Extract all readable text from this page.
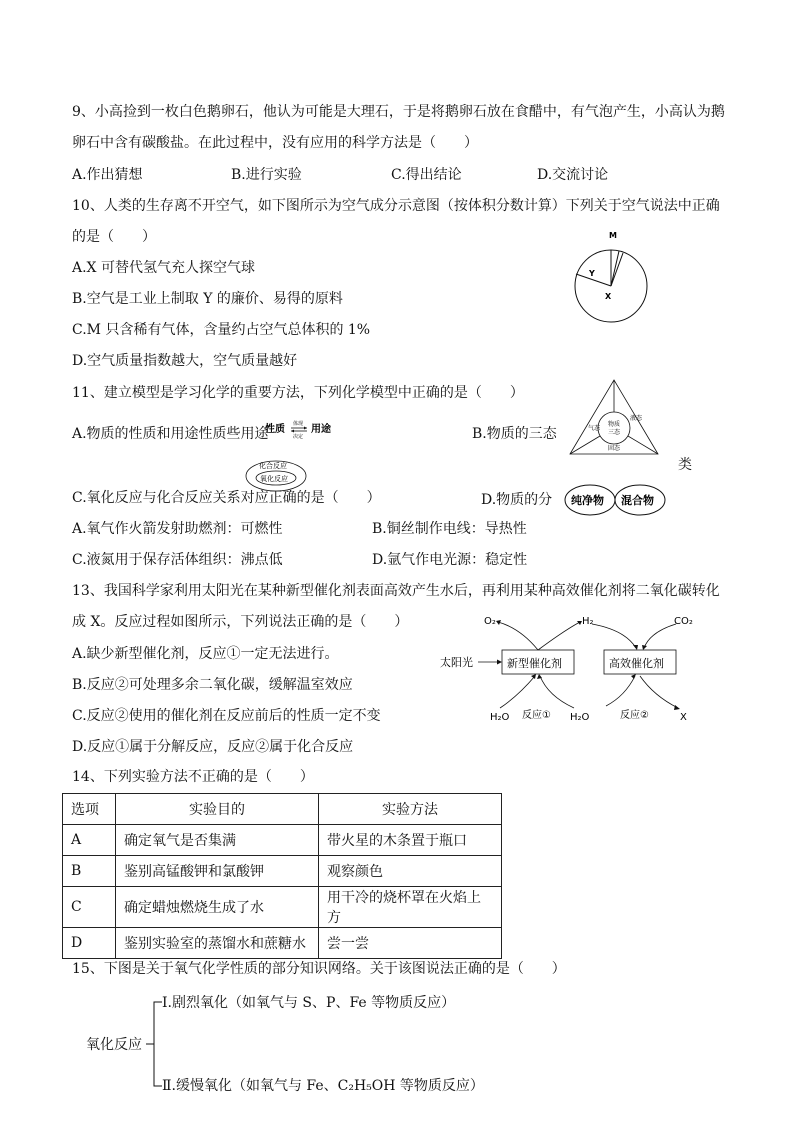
9、小高捡到一枚白色鹅卵石，他认为可能是大理石，于是将鹅卵石放在食醋中，有气泡产生，小高认为鹅
卵石中含有碳酸盐。在此过程中，没有应用的科学方法是（　　）
A.作出猜想	B.进行实验	C.得出结论	D.交流讨论
10、人类的生存离不开空气，如下图所示为空气成分示意图（按体积分数计算）下列关于空气说法中正确
的是（　　）
A.X 可替代氢气充人探空气球
B.空气是工业上制取 Y 的廉价、易得的原料
C.M 只含稀有气体，含量约占空气总体积的 1%
D.空气质量指数越大，空气质量越好
M
Y
X
11、建立模型是学习化学的重要方法，下列化学模型中正确的是（　　）
A.物质的性质和用途性质些用途
性质 体现
决定
用途	B.物质的三态
物质
三态
气态
液态
固态
类
化合反应
氧化反应
C.氧化反应与化合反应关系对应正确的是（　　）	D.物质的分 纯净物 混合物
A.氧气作火箭发射助燃剂：可燃性	B.铜丝制作电线：导热性
C.液氮用于保存活体组织：沸点低	D.氩气作电光源：稳定性
13、我国科学家利用太阳光在某种新型催化剂表面高效产生水后，再利用某种高效催化剂将二氧化碳转化
成 X。反应过程如图所示，下列说法正确的是（　　）
A.缺少新型催化剂，反应①一定无法进行。
B.反应②可处理多余二氧化碳，缓解温室效应
C.反应②使用的催化剂在反应前后的性质一定不变
D.反应①属于分解反应，反应②属于化合反应
O₂	H₂	CO₂
太阳光	新型催化剂	高效催化剂
H₂O 反应① H₂O	反应②	X
14、下列实验方法不正确的是（　　）
选项	实验目的	实验方法
A	确定氧气是否集满	带火星的木条置于瓶口
B	鉴别高锰酸钾和氯酸钾	观察颜色
C	确定蜡烛燃烧生成了水	用干冷的烧杯罩在火焰上方
D	鉴别实验室的蒸馏水和蔗糖水	尝一尝
15、下图是关于氧气化学性质的部分知识网络。关于该图说法正确的是（　　）
氧化反应
Ⅰ.剧烈氧化（如氧气与 S、P、Fe 等物质反应）
Ⅱ.缓慢氧化（如氧气与 Fe、C₂H₅OH 等物质反应）
